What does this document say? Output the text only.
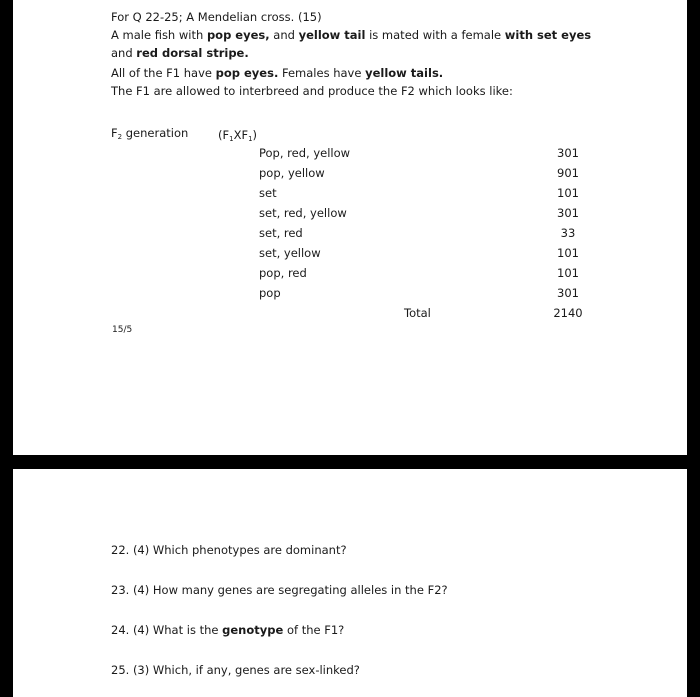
For Q 22-25; A Mendelian cross. (15)
A male fish with pop eyes, and yellow tail is mated with a female with set eyes
and red dorsal stripe.
All of the F1 have pop eyes. Females have yellow tails.
The F1 are allowed to interbreed and produce the F2 which looks like:
$F_2$ generation	$(F_1XF_1)$
Pop, red, yellow	301
pop, yellow	901
set	101
set, red, yellow	301
set, red	33
set, yellow	101
pop, red	101
pop	301
Total	2140
15/5
22. (4) Which phenotypes are dominant?
23. (4) How many genes are segregating alleles in the F2?
24. (4) What is the genotype of the F1?
25. (3) Which, if any, genes are sex-linked?
